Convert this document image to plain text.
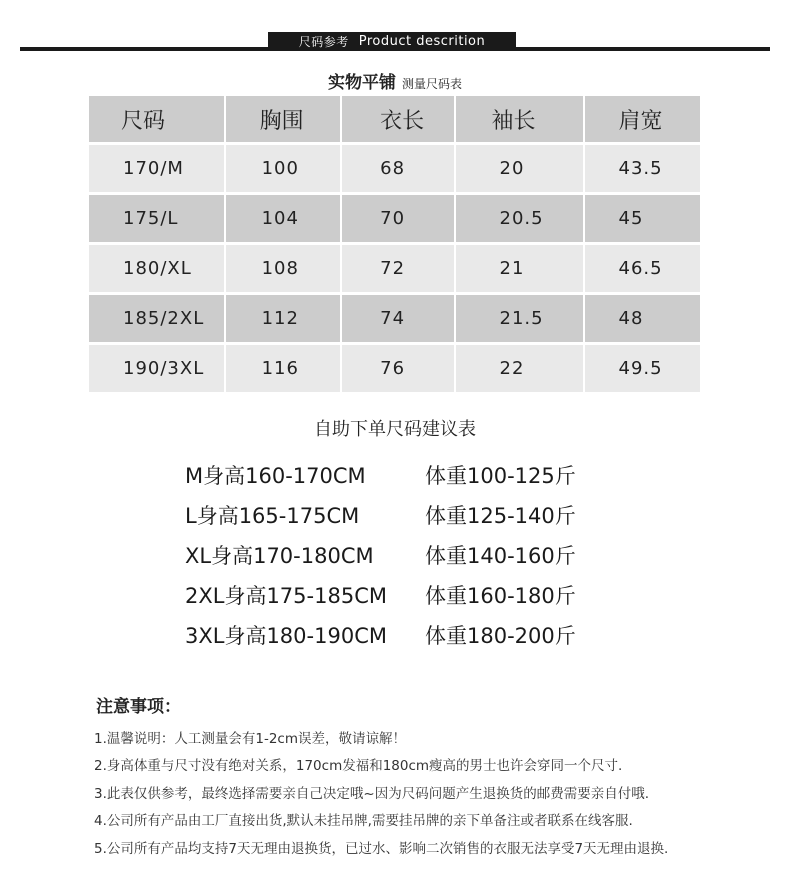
尺码参考 Product descrition
实物平铺 测量尺码表
尺码	胸围	衣长	袖长	肩宽
170/M	100	68	20	43.5
175/L	104	70	20.5	45
180/XL	108	72	21	46.5
185/2XL	112	74	21.5	48
190/3XL	116	76	22	49.5
自助下单尺码建议表
M身高160-170CM	体重100-125斤
L身高165-175CM	体重125-140斤
XL身高170-180CM	体重140-160斤
2XL身高175-185CM	体重160-180斤
3XL身高180-190CM	体重180-200斤
注意事项：
1.温馨说明：人工测量会有1-2cm误差，敬请谅解！
2.身高体重与尺寸没有绝对关系，170cm发福和180cm瘦高的男士也许会穿同一个尺寸.
3.此表仅供参考，最终选择需要亲自己决定哦~因为尺码问题产生退换货的邮费需要亲自付哦.
4.公司所有产品由工厂直接出货,默认未挂吊牌,需要挂吊牌的亲下单备注或者联系在线客服.
5.公司所有产品均支持7天无理由退换货，已过水、影响二次销售的衣服无法享受7天无理由退换.
